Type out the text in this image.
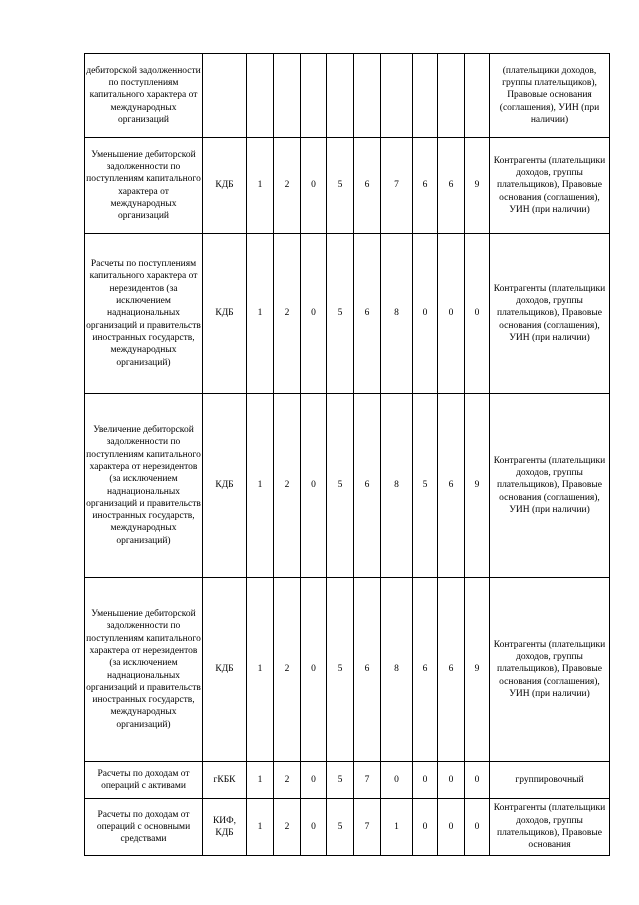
дебиторской задолженности по поступлениям капитального характера от международных организаций											(плательщики доходов, группы плательщиков), Правовые основания (соглашения), УИН (при наличии)
Уменьшение дебиторской задолженности по поступлениям капитального характера от международных организаций	КДБ	1	2	0	5	6	7	6	6	9	Контрагенты (плательщики доходов, группы плательщиков), Правовые основания (соглашения), УИН (при наличии)
Расчеты по поступлениям капитального характера от нерезидентов (за исключением наднациональных организаций и правительств иностранных государств, международных организаций)	КДБ	1	2	0	5	6	8	0	0	0	Контрагенты (плательщики доходов, группы плательщиков), Правовые основания (соглашения), УИН (при наличии)
Увеличение дебиторской задолженности по поступлениям капитального характера от нерезидентов (за исключением наднациональных организаций и правительств иностранных государств, международных организаций)	КДБ	1	2	0	5	6	8	5	6	9	Контрагенты (плательщики доходов, группы плательщиков), Правовые основания (соглашения), УИН (при наличии)
Уменьшение дебиторской задолженности по поступлениям капитального характера от нерезидентов (за исключением наднациональных организаций и правительств иностранных государств, международных организаций)	КДБ	1	2	0	5	6	8	6	6	9	Контрагенты (плательщики доходов, группы плательщиков), Правовые основания (соглашения), УИН (при наличии)
Расчеты по доходам от операций с активами	гКБК	1	2	0	5	7	0	0	0	0	группировочный
Расчеты по доходам от операций с основными средствами	КИФ, КДБ	1	2	0	5	7	1	0	0	0	Контрагенты (плательщики доходов, группы плательщиков), Правовые основания
